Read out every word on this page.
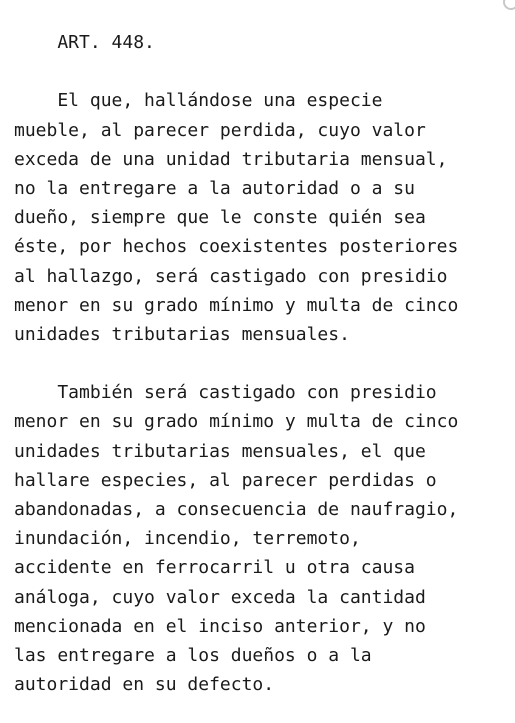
ART. 448.
El que, hallándose una especie
mueble, al parecer perdida, cuyo valor
exceda de una unidad tributaria mensual,
no la entregare a la autoridad o a su
dueño, siempre que le conste quién sea
éste, por hechos coexistentes posteriores
al hallazgo, será castigado con presidio
menor en su grado mínimo y multa de cinco
unidades tributarias mensuales.
También será castigado con presidio
menor en su grado mínimo y multa de cinco
unidades tributarias mensuales, el que
hallare especies, al parecer perdidas o
abandonadas, a consecuencia de naufragio,
inundación, incendio, terremoto,
accidente en ferrocarril u otra causa
análoga, cuyo valor exceda la cantidad
mencionada en el inciso anterior, y no
las entregare a los dueños o a la
autoridad en su defecto.
